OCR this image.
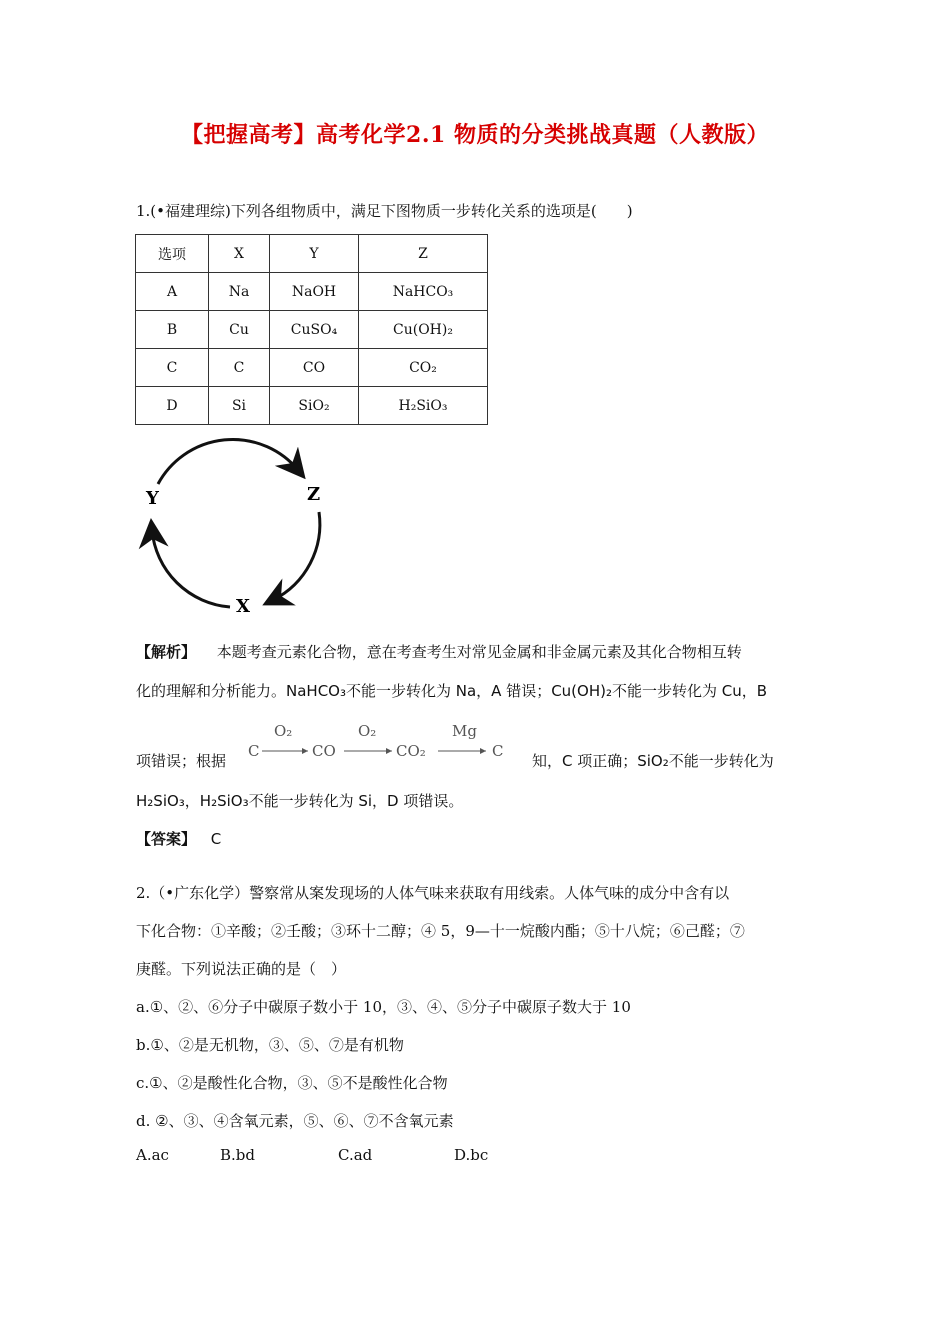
【把握高考】高考化学2.1 物质的分类挑战真题（人教版）
1.(•福建理综)下列各组物质中，满足下图物质一步转化关系的选项是(　　)
选项	X	Y	Z
A	Na	NaOH	NaHCO₃
B	Cu	CuSO₄	Cu(OH)₂
C	C	CO	CO₂
D	Si	SiO₂	H₂SiO₃
Y	Z
X
【解析】 本题考查元素化合物，意在考查考生对常见金属和非金属元素及其化合物相互转
化的理解和分析能力。NaHCO₃不能一步转化为 Na，A 错误；Cu(OH)₂不能一步转化为 Cu，B
项错误；根据
C
O₂
CO
O₂
CO₂
Mg
C
知，C 项正确；SiO₂不能一步转化为
H₂SiO₃，H₂SiO₃不能一步转化为 Si，D 项错误。
【答案】 C
2.（•广东化学）警察常从案发现场的人体气味来获取有用线索。人体气味的成分中含有以
下化合物：①辛酸；②壬酸；③环十二醇；④ 5，9—十一烷酸内酯；⑤十八烷；⑥己醛；⑦
庚醛。下列说法正确的是（　）
a.①、②、⑥分子中碳原子数小于 10，③、④、⑤分子中碳原子数大于 10
b.①、②是无机物，③、⑤、⑦是有机物
c.①、②是酸性化合物，③、⑤不是酸性化合物
d. ②、③、④含氧元素，⑤、⑥、⑦不含氧元素
A.ac	B.bd	C.ad	D.bc
